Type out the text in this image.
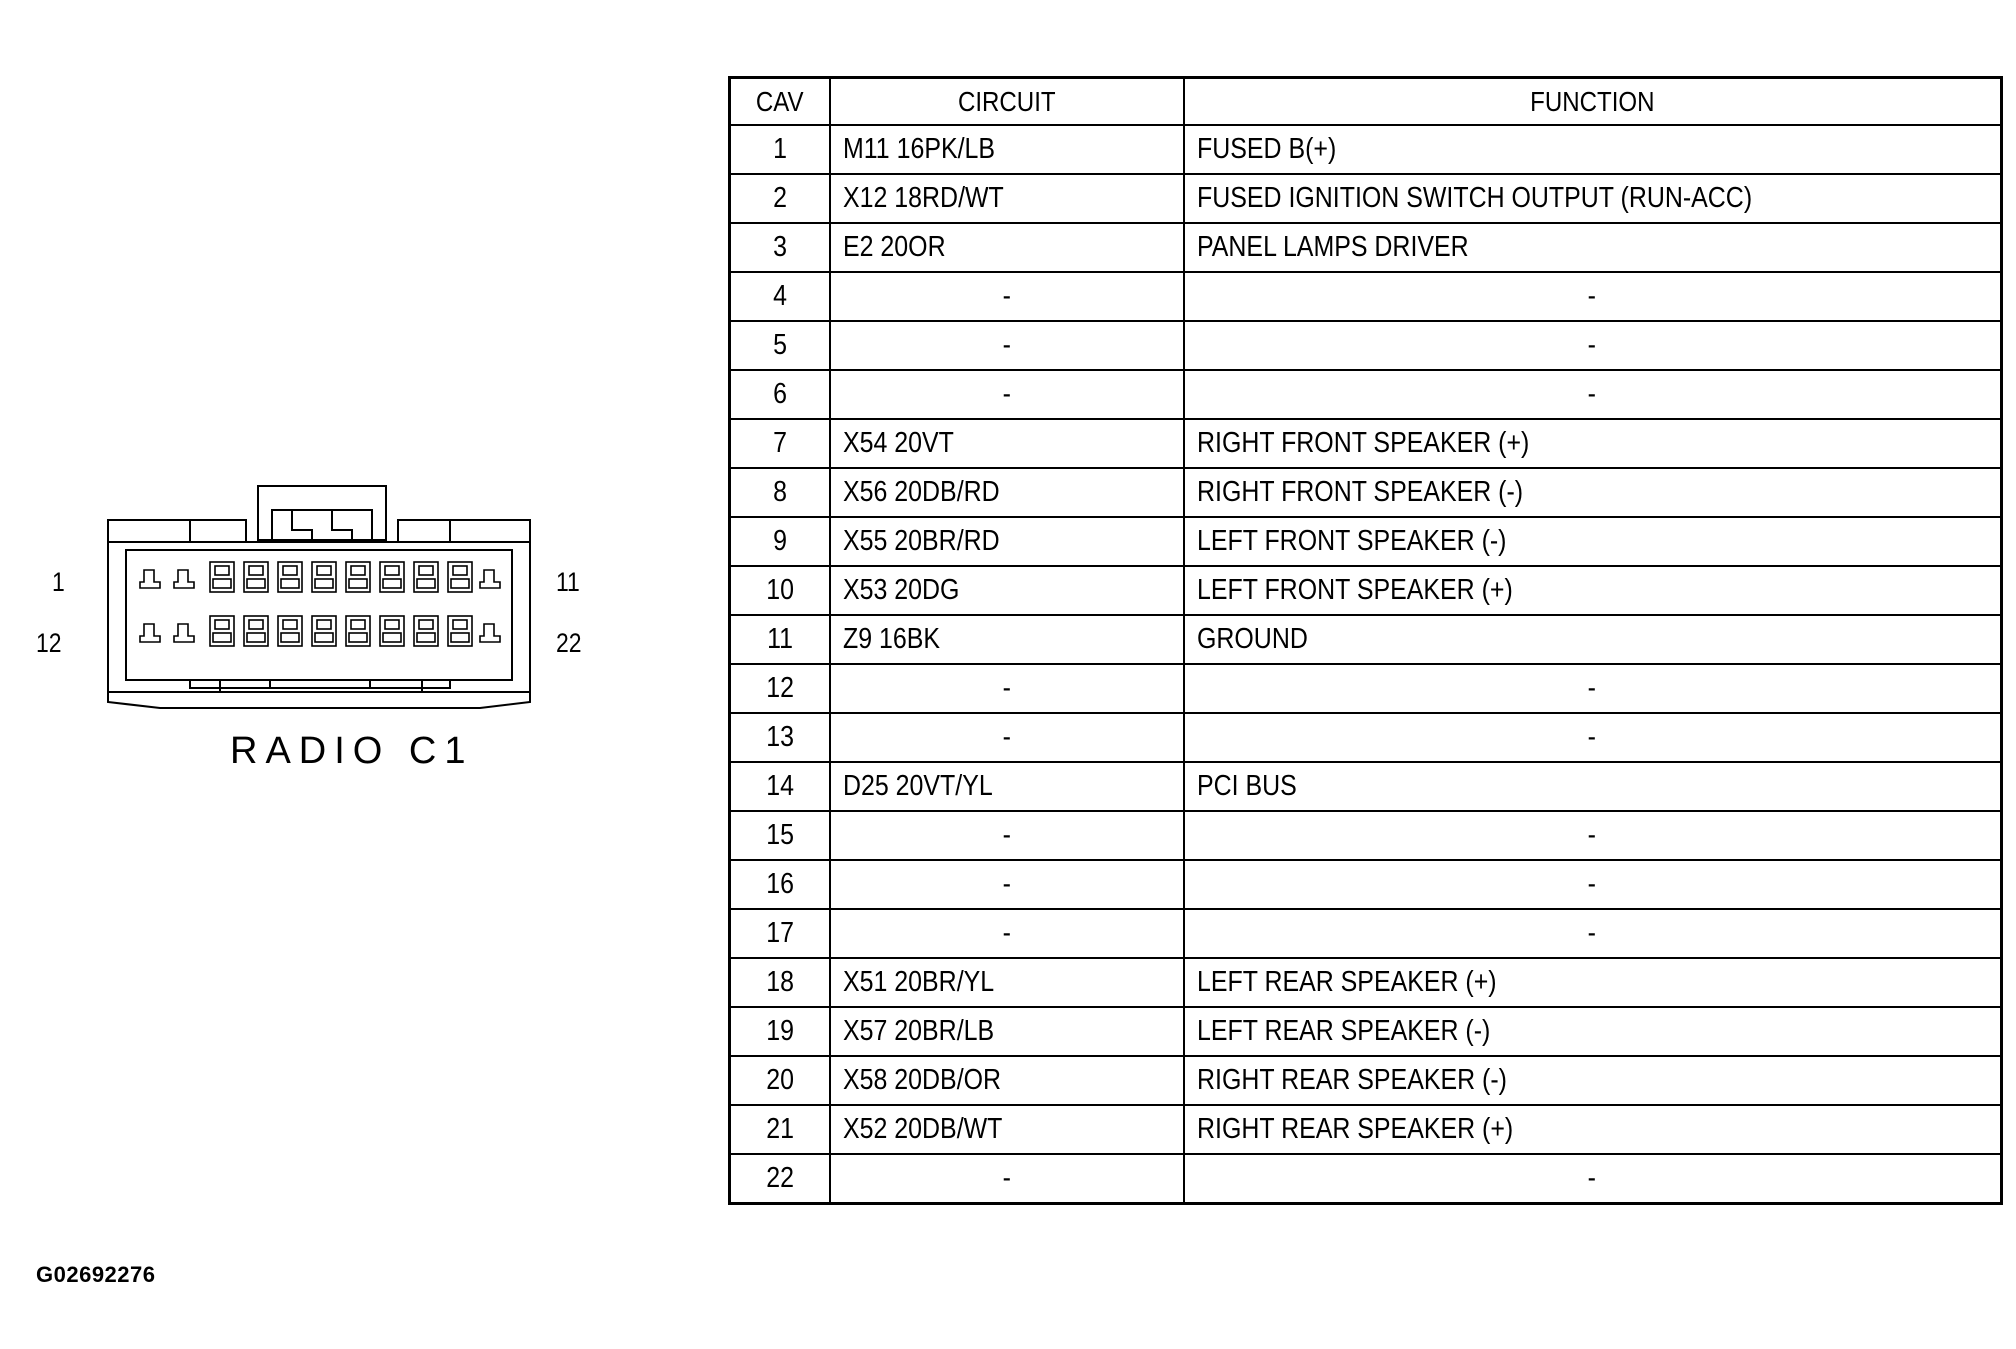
1	11
12	22
RADIO C1
G02692276
CAV	CIRCUIT	FUNCTION
1	M11 16PK/LB	FUSED B(+)
2	X12 18RD/WT	FUSED IGNITION SWITCH OUTPUT (RUN-ACC)
3	E2 20OR	PANEL LAMPS DRIVER
4	-	-
5	-	-
6	-	-
7	X54 20VT	RIGHT FRONT SPEAKER (+)
8	X56 20DB/RD	RIGHT FRONT SPEAKER (-)
9	X55 20BR/RD	LEFT FRONT SPEAKER (-)
10	X53 20DG	LEFT FRONT SPEAKER (+)
11	Z9 16BK	GROUND
12	-	-
13	-	-
14	D25 20VT/YL	PCI BUS
15	-	-
16	-	-
17	-	-
18	X51 20BR/YL	LEFT REAR SPEAKER (+)
19	X57 20BR/LB	LEFT REAR SPEAKER (-)
20	X58 20DB/OR	RIGHT REAR SPEAKER (-)
21	X52 20DB/WT	RIGHT REAR SPEAKER (+)
22	-	-
